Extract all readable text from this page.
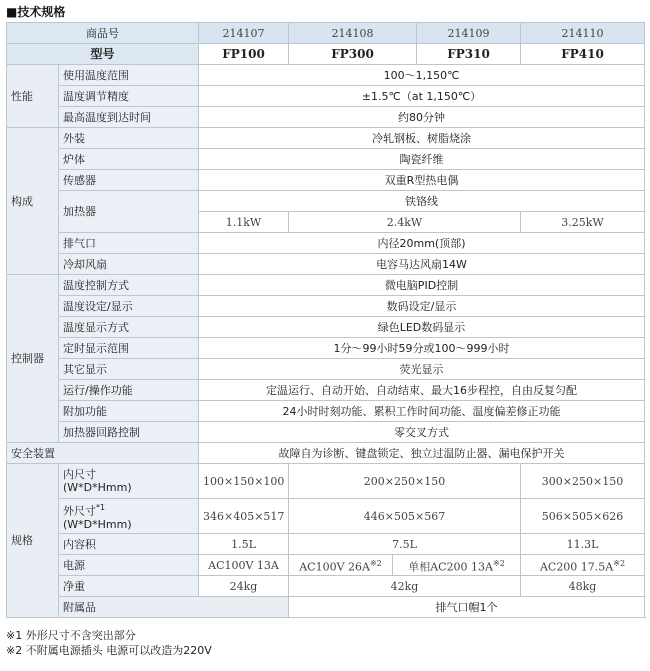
■技术规格
商品号		214107	214108		214109	214110
型号		FP100	FP300		FP310	FP410
性能	使用温度范围	100～1,150℃				
	温度调节精度	±1.5℃（at 1,150℃）				
	最高温度到达时间	约80分钟				
构成	外装	冷轧钢板、树脂烧涂				
	炉体	陶瓷纤维				
	传感器	双重R型热电偶				
	加热器	铁铬线				
		1.1kW	2.4kW			3.25kW
	排气口	内径20mm(顶部)				
	冷却风扇	电容马达风扇14W				
控制器	温度控制方式	微电脑PID控制				
	温度设定/显示	数码设定/显示				
	温度显示方式	绿色LED数码显示				
	定时显示范围	1分～99小时59分或100～999小时				
	其它显示	荧光显示				
	运行/操作功能	定温运行、自动开始、自动结束、最大16步程控，自由反复匀配				
	附加功能	24小时时刻功能、累积工作时间功能、温度偏差修正功能				
	加热器回路控制	零交叉方式				
安全装置		故障自为诊断、键盘锁定、独立过温防止器、漏电保护开关				
规格	内尺寸
(W*D*Hmm)	100×150×100	200×250×150			300×250×150
	外尺寸$^{*1}$
(W*D*Hmm)	346×405×517	446×505×567			506×505×626
	内容积	1.5L	7.5L			11.3L
	电源	AC100V 13A	AC100V $26A^{※2}$	单相AC200 $13A^{※2}$		AC200 $17.5A^{※2}$
	净重	24kg	42kg			48kg
	附属品		排气口帽1个			
※1 外形尺寸不含突出部分
※2 不附属电源插头 电源可以改造为220V
